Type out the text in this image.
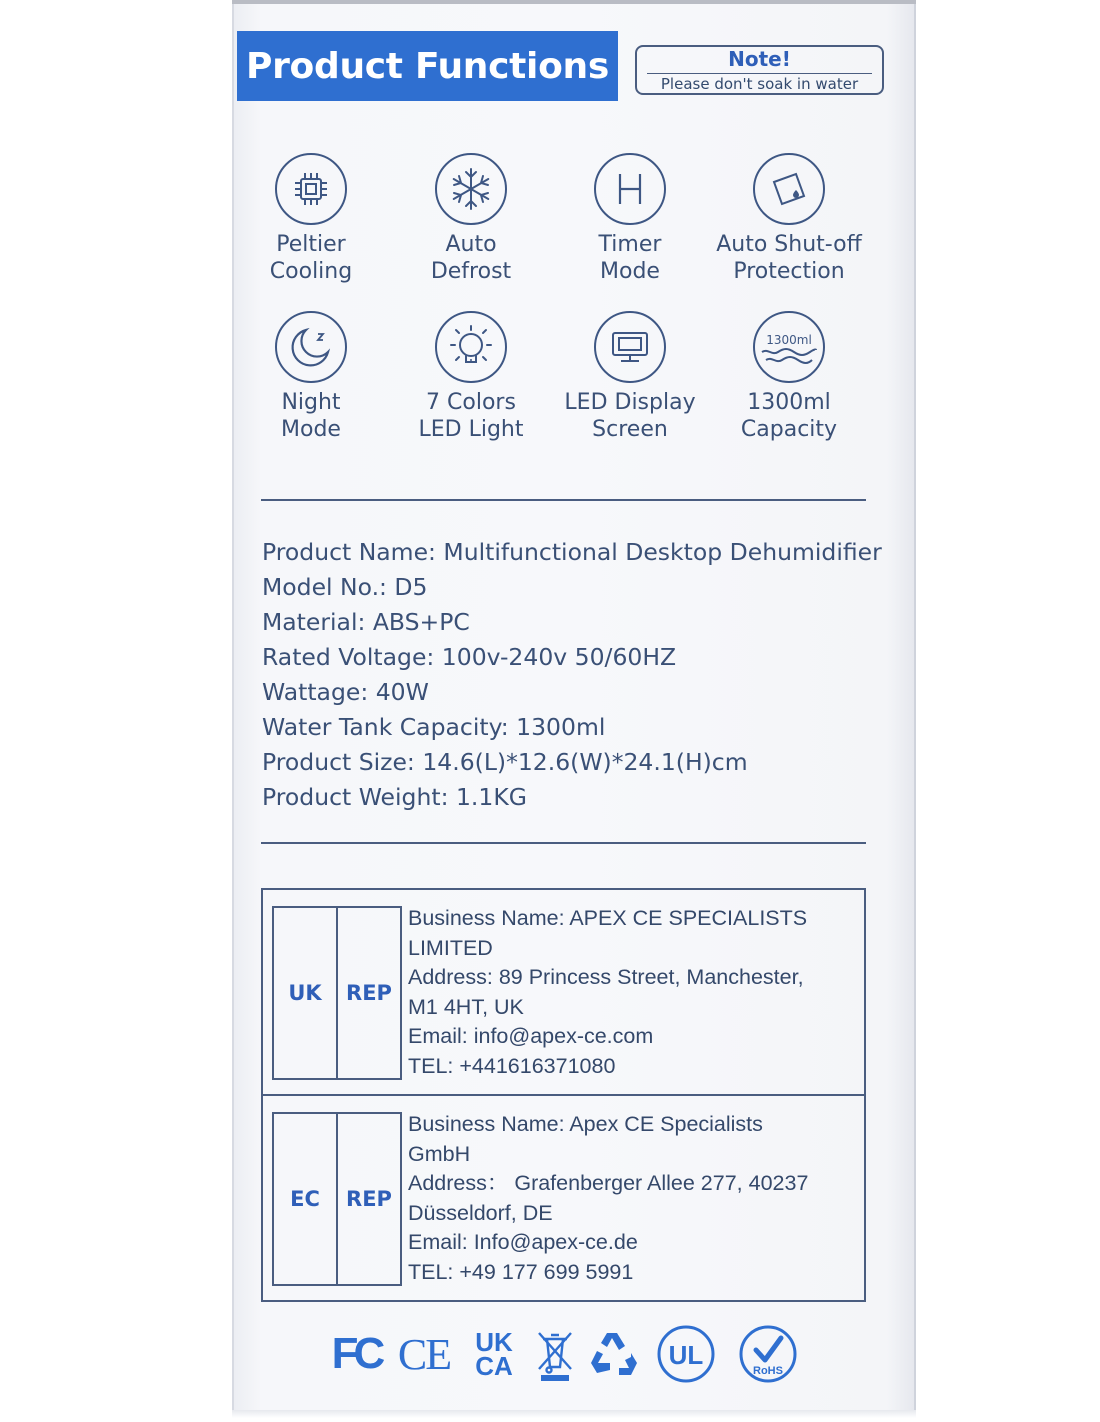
Product Functions	Note!
Please don't soak in water
Peltier
Cooling
Auto
Defrost
Timer
Mode
Auto Shut-off
Protection
Night
Mode
7 Colors
LED Light
LED Display
Screen
1300ml
1300ml
Capacity
Product Name: Multifunctional Desktop Dehumidifier
Model No.: D5
Material: ABS+PC
Rated Voltage: 100v-240v 50/60HZ
Wattage: 40W
Water Tank Capacity: 1300ml
Product Size: 14.6(L)*12.6(W)*24.1(H)cm
Product Weight: 1.1KG
UK	REP
Business Name: APEX CE SPECIALISTS
LIMITED
Address: 89 Princess Street, Manchester,
M1 4HT, UK
Email: info@apex-ce.com
TEL: +441616371080
EC	REP
Business Name: Apex CE Specialists
GmbH
Address： Grafenberger Allee 277, 40237
Düsseldorf, DE
Email: Info@apex-ce.de
TEL: +49 177 699 5991
FC CE UK
CA	UL
RoHS
